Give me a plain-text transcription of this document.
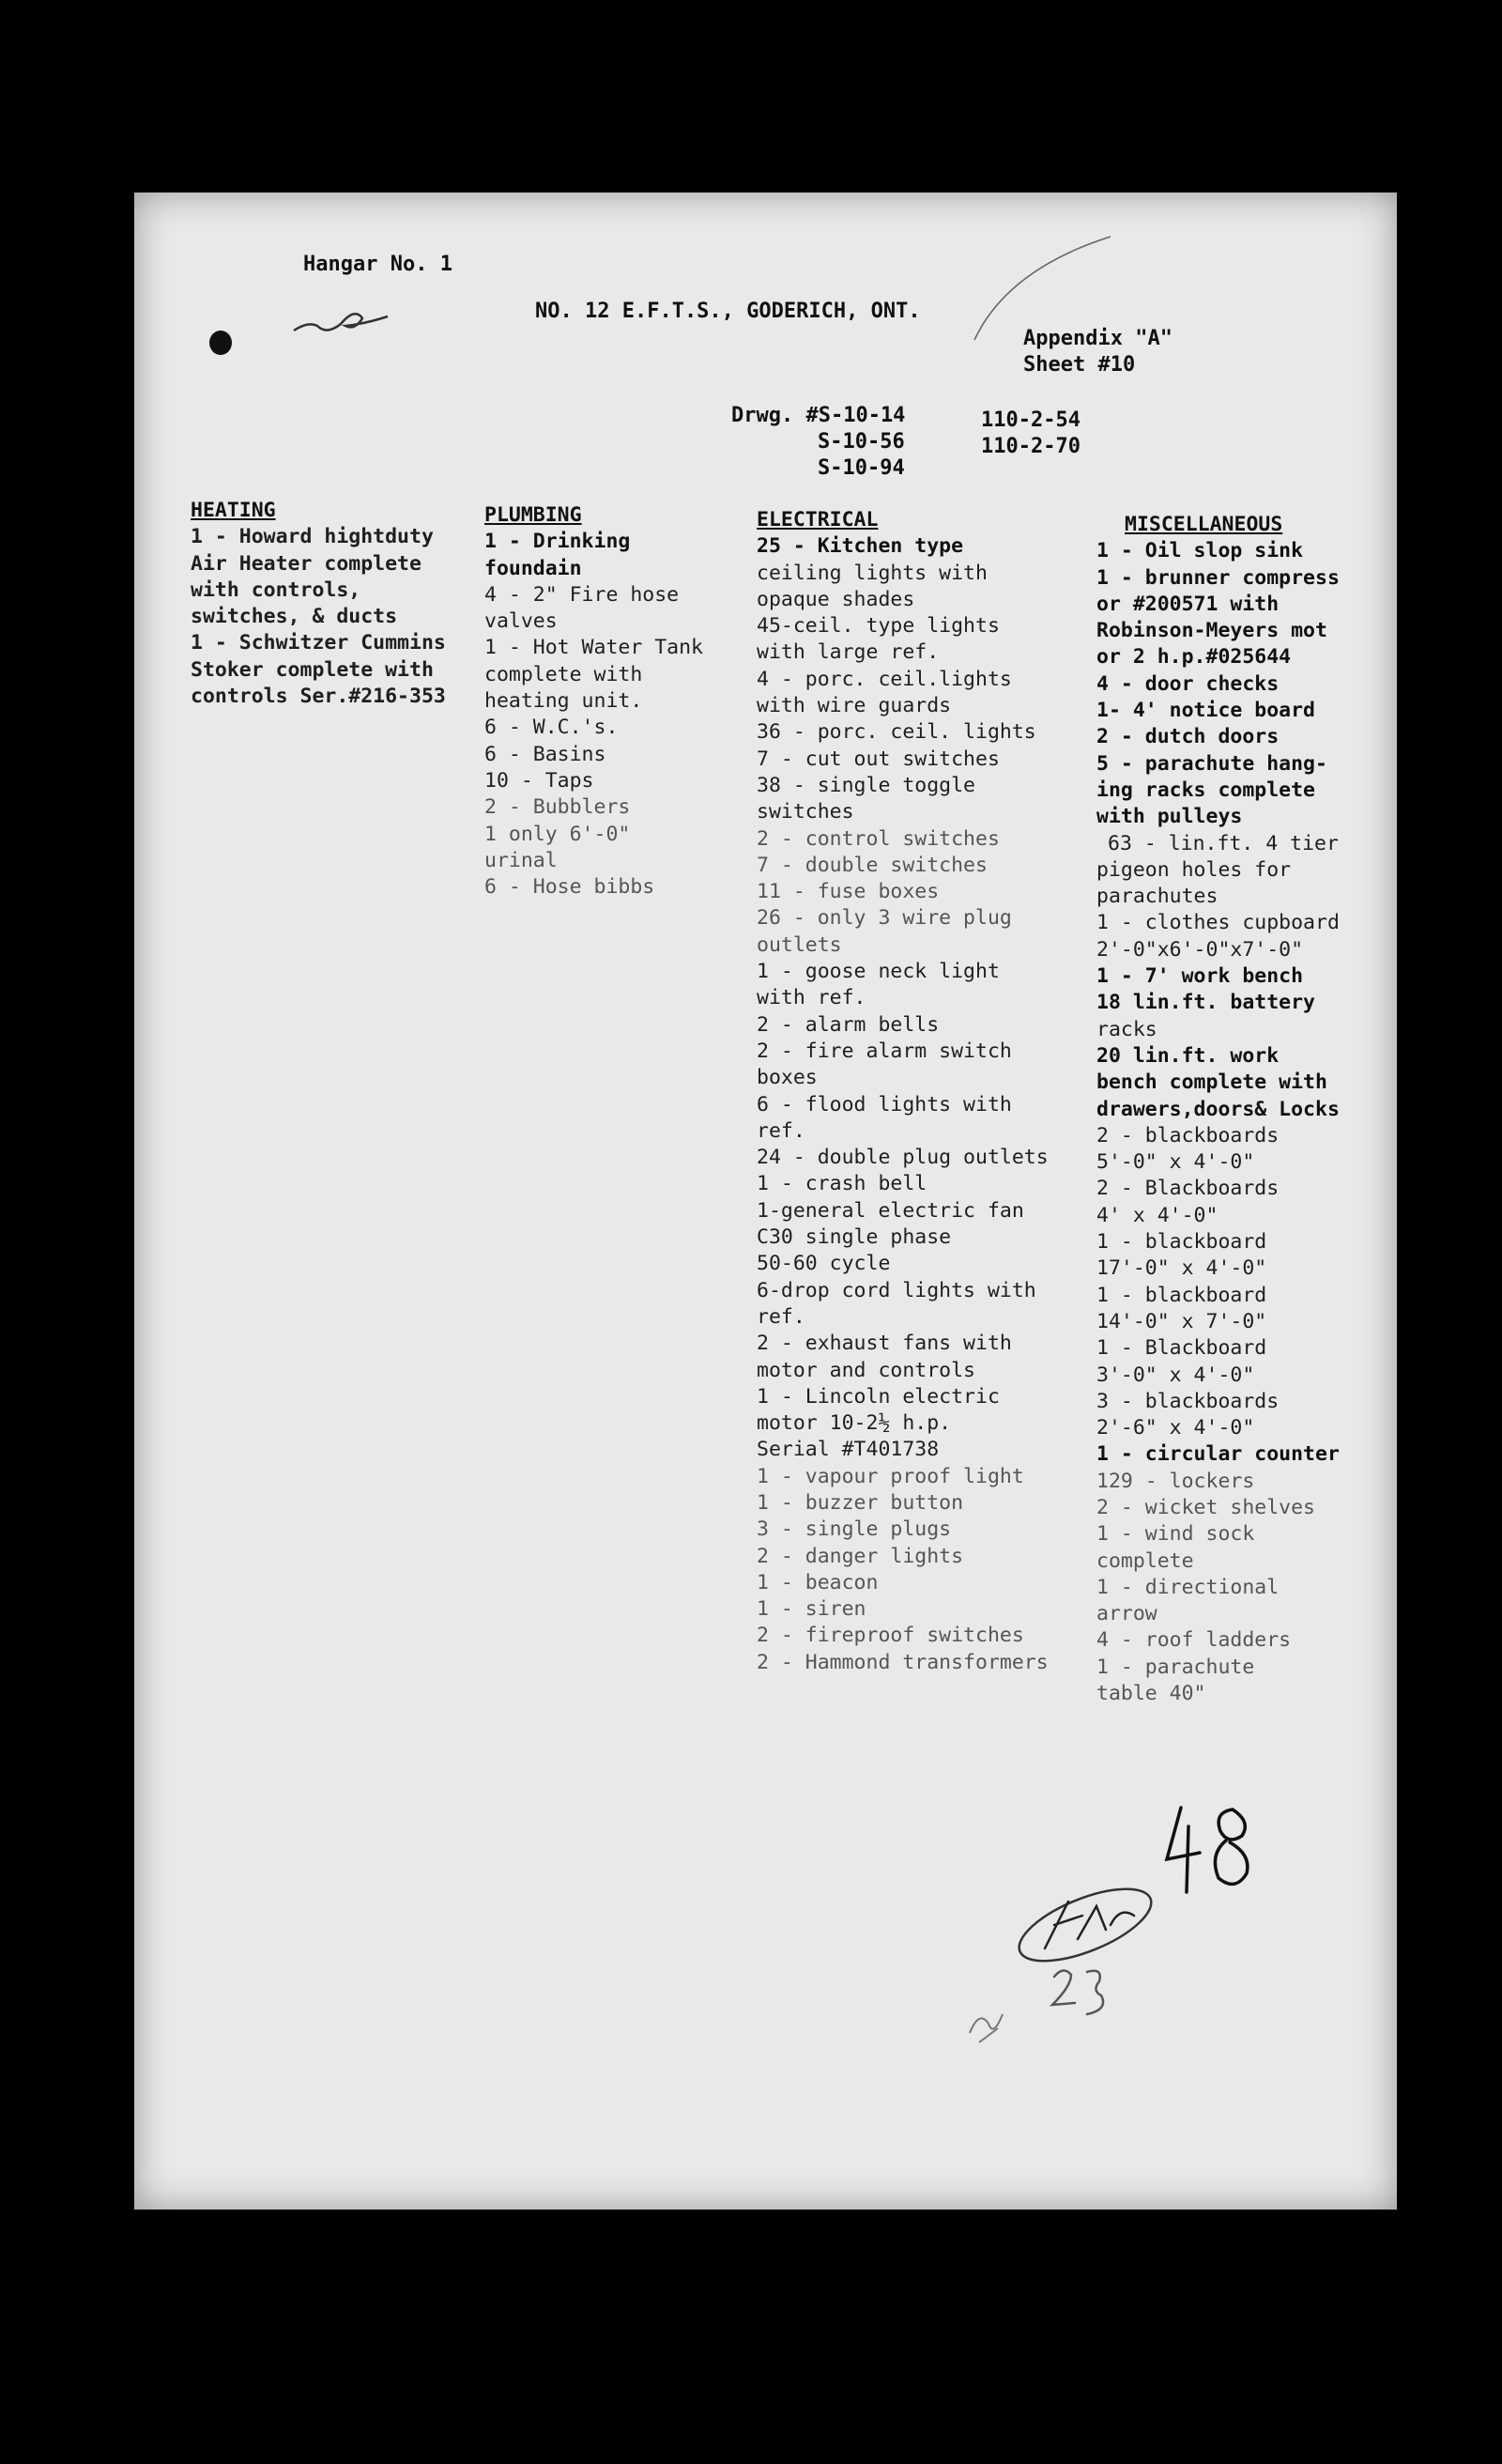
Hangar No. 1
NO. 12 E.F.T.S., GODERICH, ONT.
Appendix "A"
Sheet #10
Drwg. #S-10-14
S-10-56
S-10-94
110-2-54
110-2-70
HEATING
1 - Howard hightduty
Air Heater complete
with controls,
switches, & ducts
1 - Schwitzer Cummins
Stoker complete with
controls Ser.#216-353
PLUMBING
1 - Drinking
foundain
4 - 2" Fire hose
valves
1 - Hot Water Tank
complete with
heating unit.
6 - W.C.'s.
6 - Basins
10 - Taps
2 - Bubblers
1 only 6'-0"
urinal
6 - Hose bibbs
ELECTRICAL
25 - Kitchen type
ceiling lights with
opaque shades
45-ceil. type lights
with large ref.
4 - porc. ceil.lights
with wire guards
36 - porc. ceil. lights
7 - cut out switches
38 - single toggle
switches
2 - control switches
7 - double switches
11 - fuse boxes
26 - only 3 wire plug
outlets
1 - goose neck light
with ref.
2 - alarm bells
2 - fire alarm switch
boxes
6 - flood lights with
ref.
24 - double plug outlets
1 - crash bell
1-general electric fan
C30 single phase
50-60 cycle
6-drop cord lights with
ref.
2 - exhaust fans with
motor and controls
1 - Lincoln electric
motor 10-2½ h.p.
Serial #T401738
1 - vapour proof light
1 - buzzer button
3 - single plugs
2 - danger lights
1 - beacon
1 - siren
2 - fireproof switches
2 - Hammond transformers
MISCELLANEOUS
1 - Oil slop sink
1 - brunner compress
or #200571 with
Robinson-Meyers mot
or 2 h.p.#025644
4 - door checks
1- 4' notice board
2 - dutch doors
5 - parachute hang-
ing racks complete
with pulleys
63 - lin.ft. 4 tier
pigeon holes for
parachutes
1 - clothes cupboard
2'-0"x6'-0"x7'-0"
1 - 7' work bench
18 lin.ft. battery
racks
20 lin.ft. work
bench complete with
drawers,doors& Locks
2 - blackboards
5'-0" x 4'-0"
2 - Blackboards
4' x 4'-0"
1 - blackboard
17'-0" x 4'-0"
1 - blackboard
14'-0" x 7'-0"
1 - Blackboard
3'-0" x 4'-0"
3 - blackboards
2'-6" x 4'-0"
1 - circular counter
129 - lockers
2 - wicket shelves
1 - wind sock
complete
1 - directional
arrow
4 - roof ladders
1 - parachute
table 40"
